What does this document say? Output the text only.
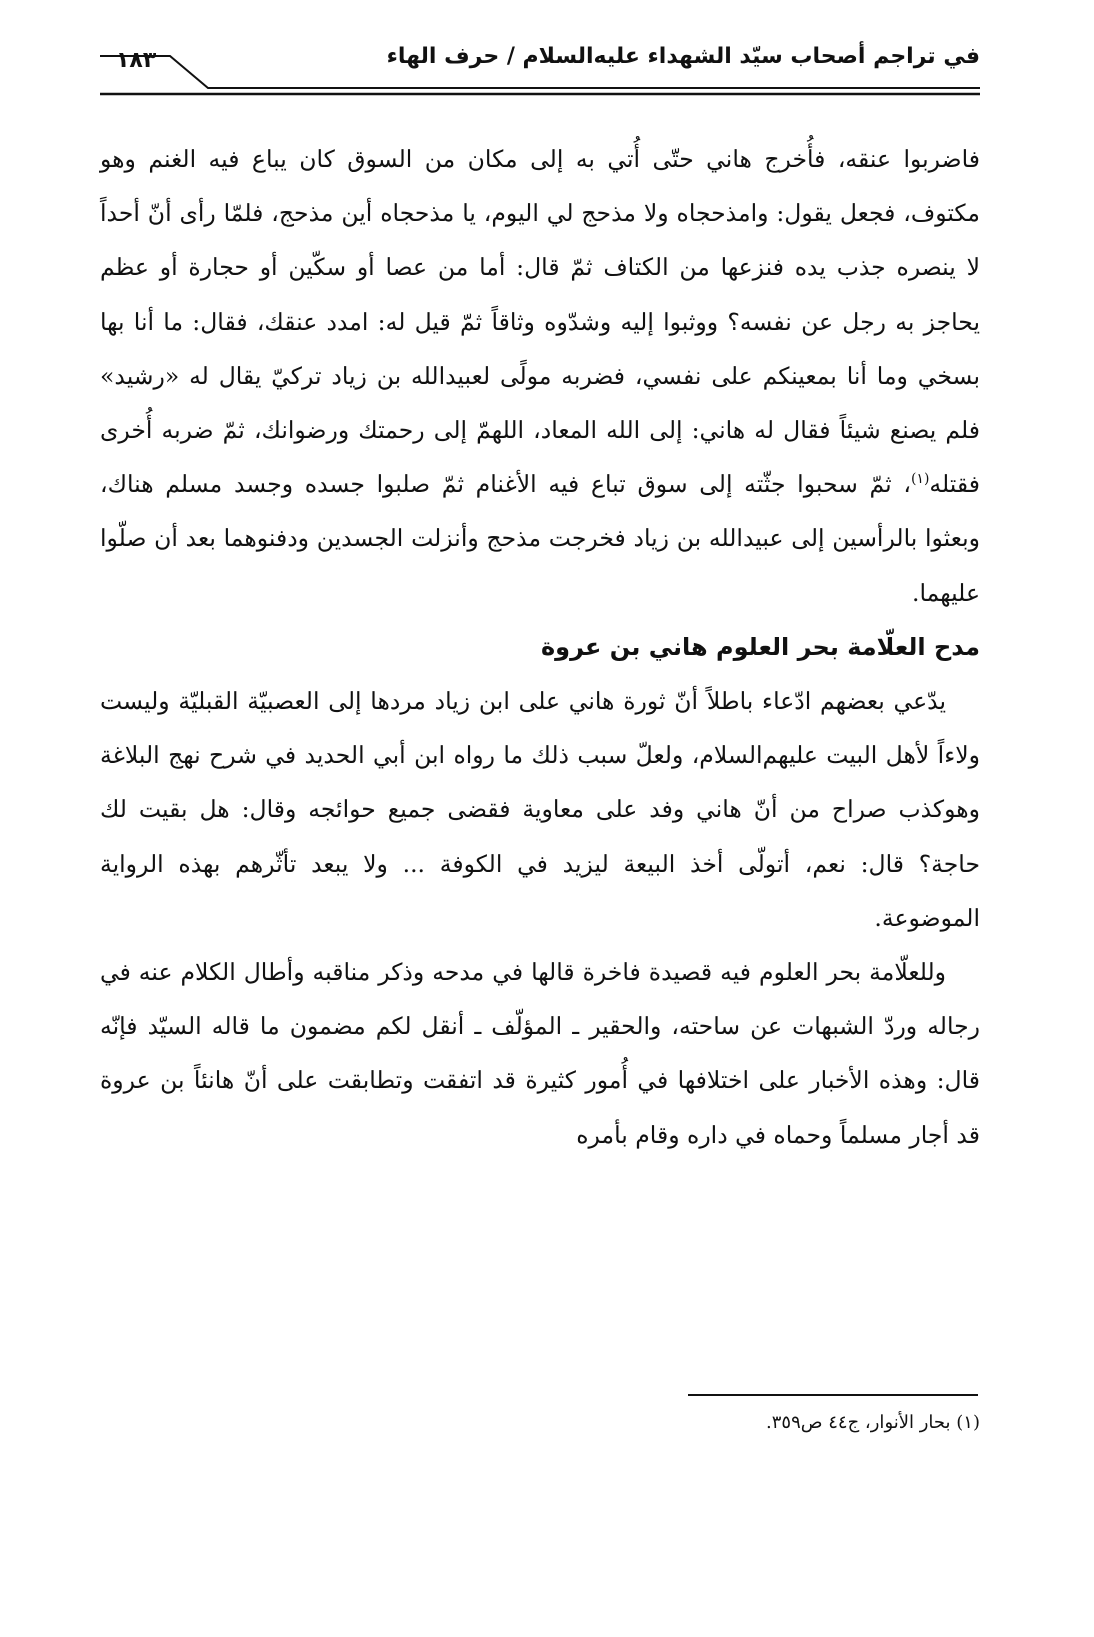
١٨٣	في تراجم أصحاب سيّد الشهداء عليه‌السلام / حرف الهاء

فاضربوا عنقه، فأُخرج هاني حتّى أُتي به إلى مكان من السوق كان يباع فيه الغنم وهو مكتوف، فجعل يقول: وامذحجاه ولا مذحج لي اليوم، يا مذحجاه أين مذحج، فلمّا رأى أنّ أحداً لا ينصره جذب يده فنزعها من الكتاف ثمّ قال: أما من عصا أو سكّين أو حجارة أو عظم يحاجز به رجل عن نفسه؟ ووثبوا إليه وشدّوه وثاقاً ثمّ قيل له: امدد عنقك، فقال: ما أنا بها بسخي وما أنا بمعينكم على نفسي، فضربه مولًى لعبيدالله بن زياد تركيّ يقال له «رشيد» فلم يصنع شيئاً فقال له هاني: إلى الله المعاد، اللهمّ إلى رحمتك ورضوانك، ثمّ ضربه أُخرى فقتله$^{(١)}$، ثمّ سحبوا جثّته إلى سوق تباع فيه الأغنام ثمّ صلبوا جسده وجسد مسلم هناك، وبعثوا بالرأسين إلى عبيدالله بن زياد فخرجت مذحج وأنزلت الجسدين ودفنوهما بعد أن صلّوا عليهما.

مدح العلّامة بحر العلوم هاني بن عروة

يدّعي بعضهم ادّعاء باطلاً أنّ ثورة هاني على ابن زياد مردها إلى العصبيّة القبليّة وليست ولاءاً لأهل البيت عليهم‌السلام، ولعلّ سبب ذلك ما رواه ابن أبي الحديد في شرح نهج البلاغة وهوكذب صراح من أنّ هاني وفد على معاوية فقضى جميع حوائجه وقال: هل بقيت لك حاجة؟ قال: نعم، أتولّى أخذ البيعة ليزيد في الكوفة ... ولا يبعد تأثّرهم بهذه الرواية الموضوعة.

وللعلّامة بحر العلوم فيه قصيدة فاخرة قالها في مدحه وذكر مناقبه وأطال الكلام عنه في رجاله وردّ الشبهات عن ساحته، والحقير ـ المؤلّف ـ أنقل لكم مضمون ما قاله السيّد فإنّه قال: وهذه الأخبار على اختلافها في أُمور كثيرة قد اتفقت وتطابقت على أنّ هانئاً بن عروة قد أجار مسلماً وحماه في داره وقام بأمره

(١) بحار الأنوار، ج٤٤ ص٣٥٩.
